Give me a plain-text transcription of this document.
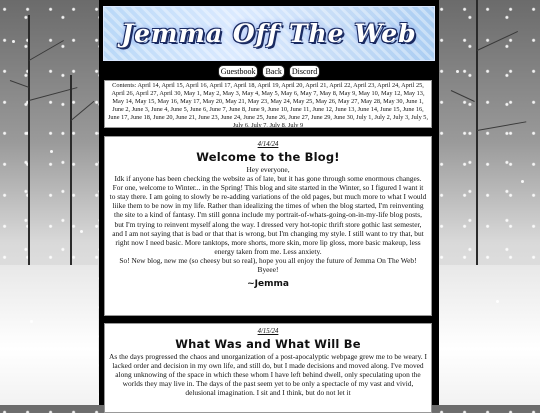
Jemma Off The Web
Guestbook Back Discord
Contents: April 14, April 15, April 16, April 17, April 18, April 19, April 20, April 21, April 22, April 23, April 24, April 25, April 26, April 27, April 30, May 1, May 2, May 3, May 4, May 5, May 6, May 7, May 8, May 9, May 10, May 12, May 13, May 14, May 15, May 16, May 17, May 20, May 21, May 23, May 24, May 25, May 26, May 27, May 28, May 30, June 1, June 2, June 3, June 4, June 5, June 6, June 7, June 8, June 9, June 10, June 11, June 12, June 13, June 14, June 15, June 16, June 17, June 18, June 20, June 21, June 23, June 24, June 25, June 26, June 27, June 29, June 30, July 1, July 2, July 3, July 5, July 6, July 7, July 8, July 9
4/14/24
Welcome to the Blog!

Hey everyone,

Idk if anyone has been checking the website as of late, but it has gone through some enormous changes. For one, welcome to Winter... in the Spring! This blog and site started in the Winter, so I figured I want it to stay there. I am going to slowly be re-adding variations of the old pages, but much more to what I would liike them to be now in my life. Rather than idealizing the times of when the blog started, I'm reinventing the site to a kind of fantasy. I'm still gonna include my portrait-of-whats-going-on-in-my-life blog posts, but I'm trying to reinvent myself along the way. I dressed very hot-topic thrift store gothic last semester, and I am not saying that is bad or that that is wrong, but I'm changing my style. I still want to try that, but right now I need basic. More tanktops, more shorts, more skin, more lip gloss, more basic makeup, less energy taken from me. Less anxiety.

So! New blog, new me (so cheesy but so real), hope you all enjoy the future of Jemma On The Web! Byeee!

~Jemma
4/15/24
What Was and What Will Be

As the days progressed the chaos and unorganization of a post-apocalyptic webpage grew me to be weary. I lacked order and decision in my own life, and still do, but I made decisions and moved along. I've moved along unknowing of the space in which these whom I have left behind dwell, only speculating upon the worlds they may live in. The days of the past seem yet to be only a spectacle of my vast and vivid, delusional imagination. I sit and I think, but do not let it
